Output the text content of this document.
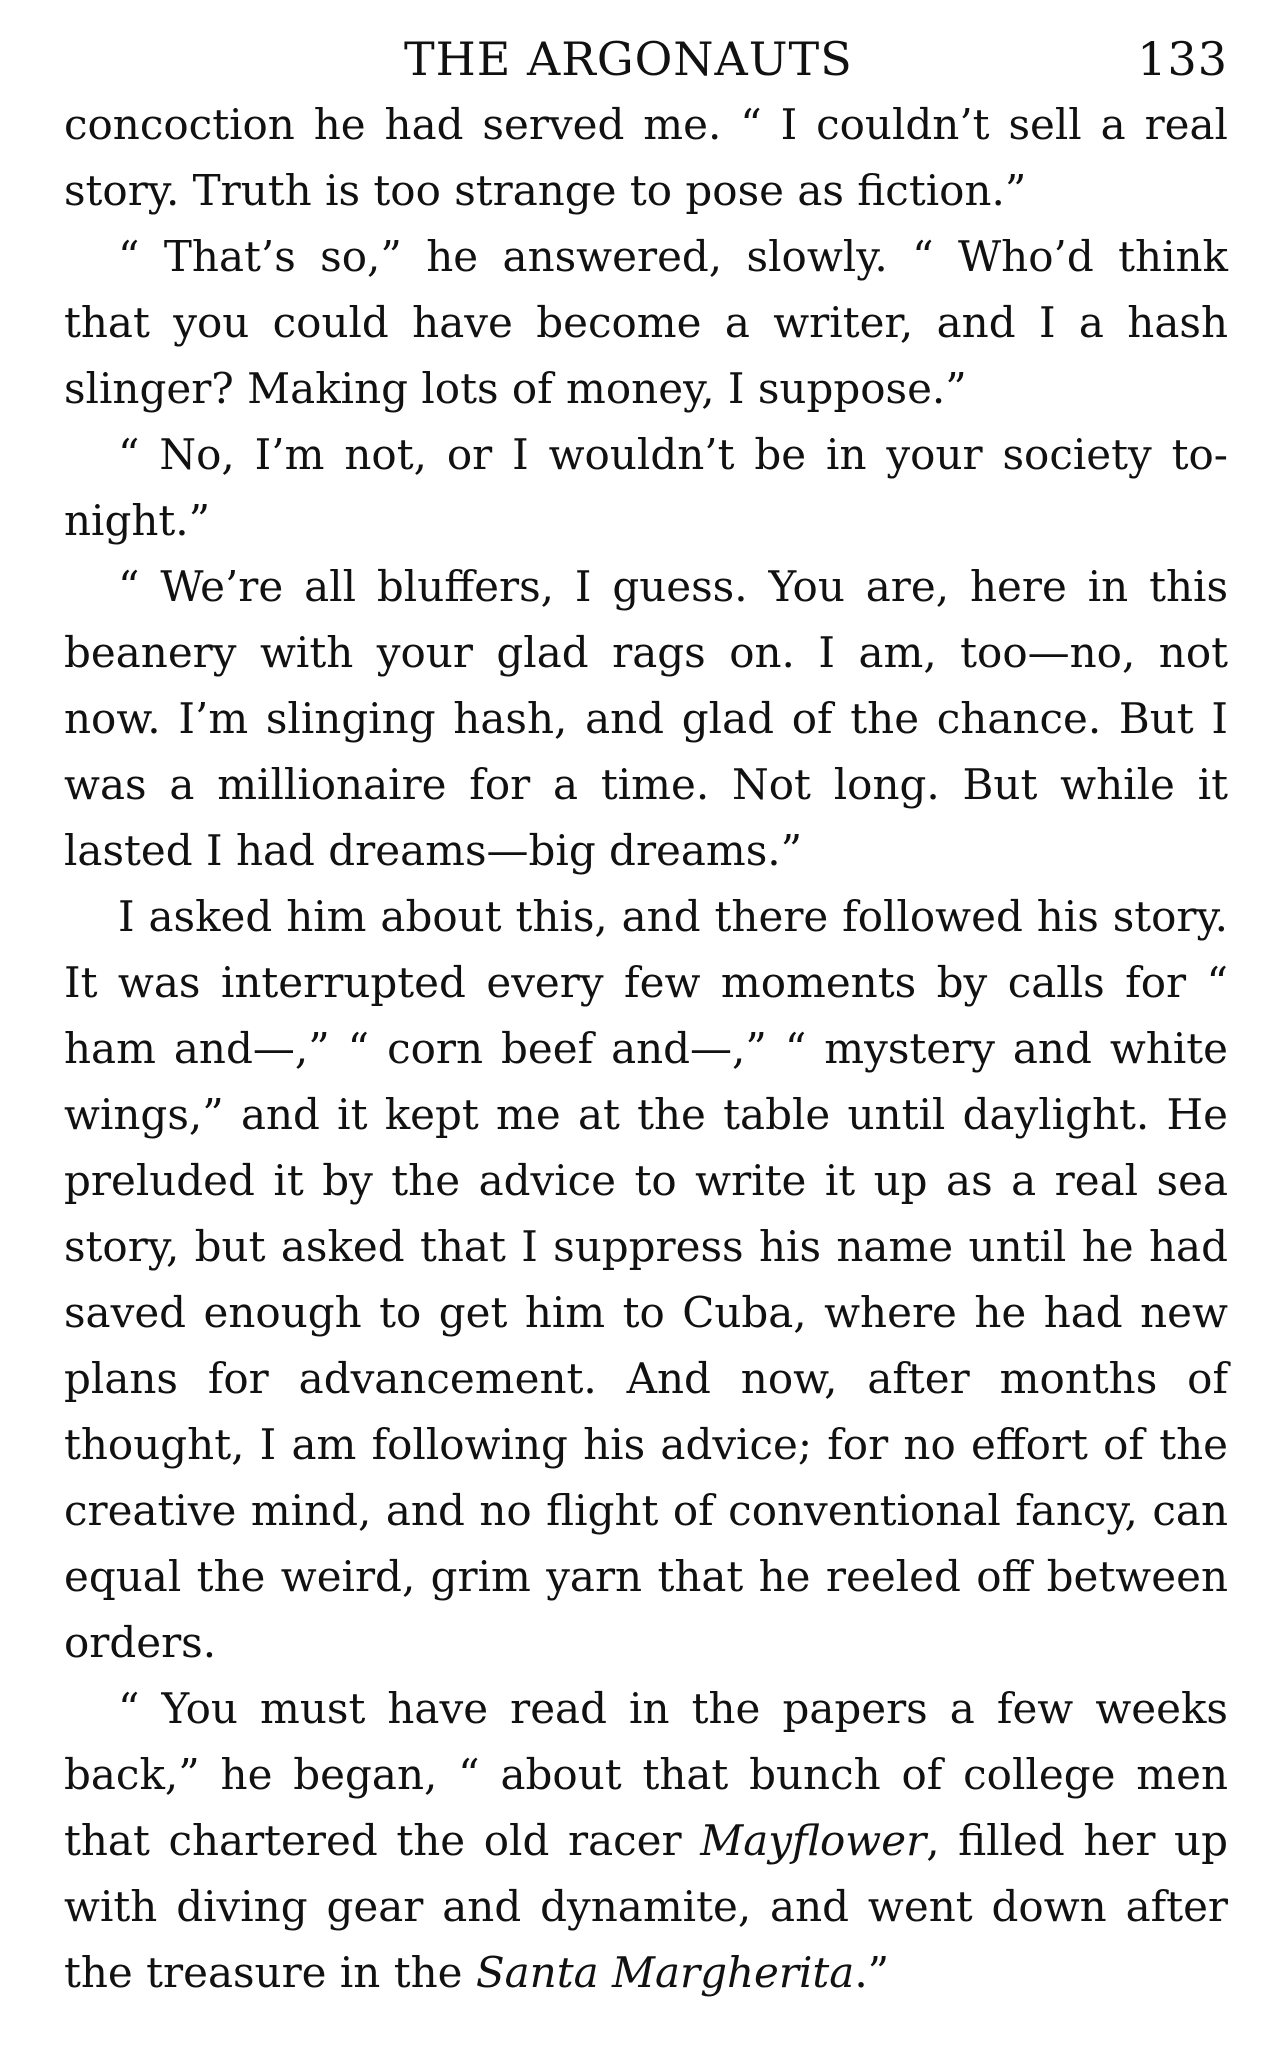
THE ARGONAUTS	133

concoction he had served me. “ I couldn’t sell a real story. Truth is too strange to pose as fiction.”

“ That’s so,” he answered, slowly. “ Who’d think that you could have become a writer, and I a hash slinger? Making lots of money, I suppose.”

“ No, I’m not, or I wouldn’t be in your society to-night.”

“ We’re all bluffers, I guess. You are, here in this beanery with your glad rags on. I am, too—no, not now. I’m slinging hash, and glad of the chance. But I was a millionaire for a time. Not long. But while it lasted I had dreams—big dreams.”

I asked him about this, and there followed his story. It was interrupted every few moments by calls for “ ham and—,” “ corn beef and—,” “ mystery and white wings,” and it kept me at the table until daylight. He preluded it by the advice to write it up as a real sea story, but asked that I suppress his name until he had saved enough to get him to Cuba, where he had new plans for advancement. And now, after months of thought, I am following his advice; for no effort of the creative mind, and no flight of conventional fancy, can equal the weird, grim yarn that he reeled off between orders.

“ You must have read in the papers a few weeks back,” he began, “ about that bunch of college men that chartered the old racer Mayflower, filled her up with diving gear and dynamite, and went down after the treasure in the Santa Margherita.”
